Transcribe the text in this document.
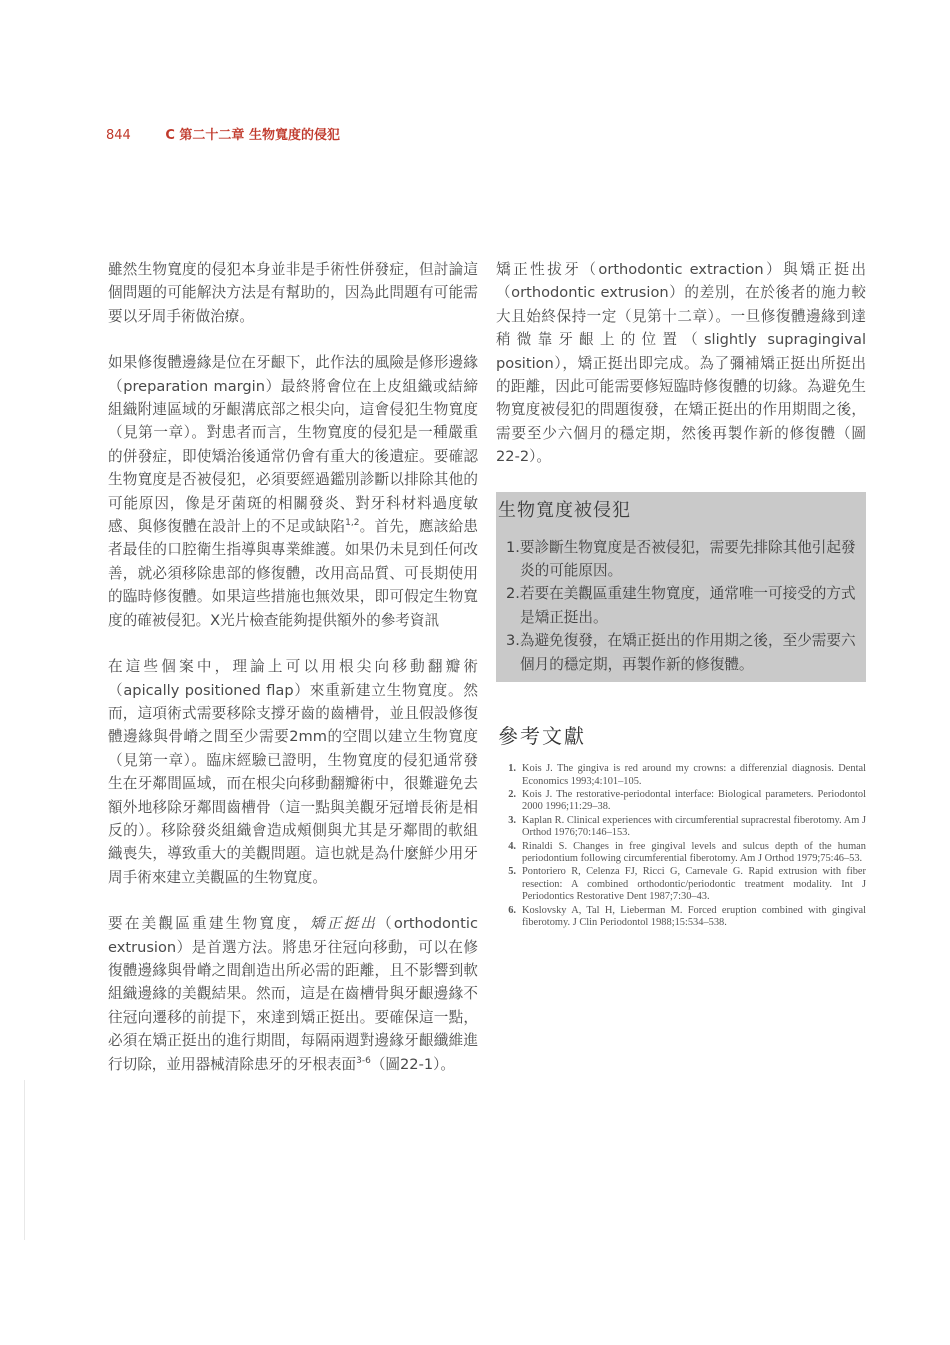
844	C 第二十二章 生物寬度的侵犯

雖然生物寬度的侵犯本身並非是手術性併發症，但討論這個問題的可能解決方法是有幫助的，因為此問題有可能需要以牙周手術做治療。

如果修復體邊緣是位在牙齦下，此作法的風險是修形邊緣（preparation margin）最終將會位在上皮組織或結締組織附連區域的牙齦溝底部之根尖向，這會侵犯生物寬度（見第一章）。對患者而言，生物寬度的侵犯是一種嚴重的併發症，即使矯治後通常仍會有重大的後遺症。要確認生物寬度是否被侵犯，必須要經過鑑別診斷以排除其他的可能原因，像是牙菌斑的相關發炎、對牙科材料過度敏感、與修復體在設計上的不足或缺陷$^{1,2}$。首先，應該給患者最佳的口腔衛生指導與專業維護。如果仍未見到任何改善，就必須移除患部的修復體，改用高品質、可長期使用的臨時修復體。如果這些措施也無效果，即可假定生物寬度的確被侵犯。X光片檢查能夠提供額外的參考資訊

在這些個案中，理論上可以用根尖向移動翻瓣術（apically positioned flap）來重新建立生物寬度。然而，這項術式需要移除支撐牙齒的齒槽骨，並且假設修復體邊緣與骨嵴之間至少需要2mm的空間以建立生物寬度（見第一章）。臨床經驗已證明，生物寬度的侵犯通常發生在牙鄰間區域，而在根尖向移動翻瓣術中，很難避免去額外地移除牙鄰間齒槽骨（這一點與美觀牙冠增長術是相反的）。移除發炎組織會造成頰側與尤其是牙鄰間的軟組織喪失，導致重大的美觀問題。這也就是為什麼鮮少用牙周手術來建立美觀區的生物寬度。

要在美觀區重建生物寬度，矯正挺出（orthodontic extrusion）是首選方法。將患牙往冠向移動，可以在修復體邊緣與骨嵴之間創造出所必需的距離，且不影響到軟組織邊緣的美觀結果。然而，這是在齒槽骨與牙齦邊緣不往冠向遷移的前提下，來達到矯正挺出。要確保這一點，必須在矯正挺出的進行期間，每隔兩週對邊緣牙齦纖維進行切除，並用器械清除患牙的牙根表面$^{3-6}$（圖22-1）。

矯正性拔牙（orthodontic extraction）與矯正挺出（orthodontic extrusion）的差別，在於後者的施力較大且始終保持一定（見第十二章）。一旦修復體邊緣到達稍微靠牙齦上的位置（slightly supragingival position），矯正挺出即完成。為了彌補矯正挺出所挺出的距離，因此可能需要修短臨時修復體的切緣。為避免生物寬度被侵犯的問題復發，在矯正挺出的作用期間之後，需要至少六個月的穩定期，然後再製作新的修復體（圖22-2）。

生物寬度被侵犯
1.要診斷生物寬度是否被侵犯，需要先排除其他引起發炎的可能原因。
2.若要在美觀區重建生物寬度，通常唯一可接受的方式是矯正挺出。
3.為避免復發，在矯正挺出的作用期之後，至少需要六個月的穩定期，再製作新的修復體。
參考文獻
1. Kois J. The gingiva is red around my crowns: a differenzial diagnosis. Dental Economics 1993;4:101–105.
2. Kois J. The restorative-periodontal interface: Biological parameters. Periodontol 2000 1996;11:29–38.
3. Kaplan R. Clinical experiences with circumferential supracrestal fiberotomy. Am J Orthod 1976;70:146–153.
4. Rinaldi S. Changes in free gingival levels and sulcus depth of the human periodontium following circumferential fiberotomy. Am J Orthod 1979;75:46–53.
5. Pontoriero R, Celenza FJ, Ricci G, Carnevale G. Rapid extrusion with fiber resection: A combined orthodontic/periodontic treatment modality. Int J Periodontics Restorative Dent 1987;7:30–43.
6. Koslovsky A, Tal H, Lieberman M. Forced eruption combined with gingival fiberotomy. J Clin Periodontol 1988;15:534–538.
